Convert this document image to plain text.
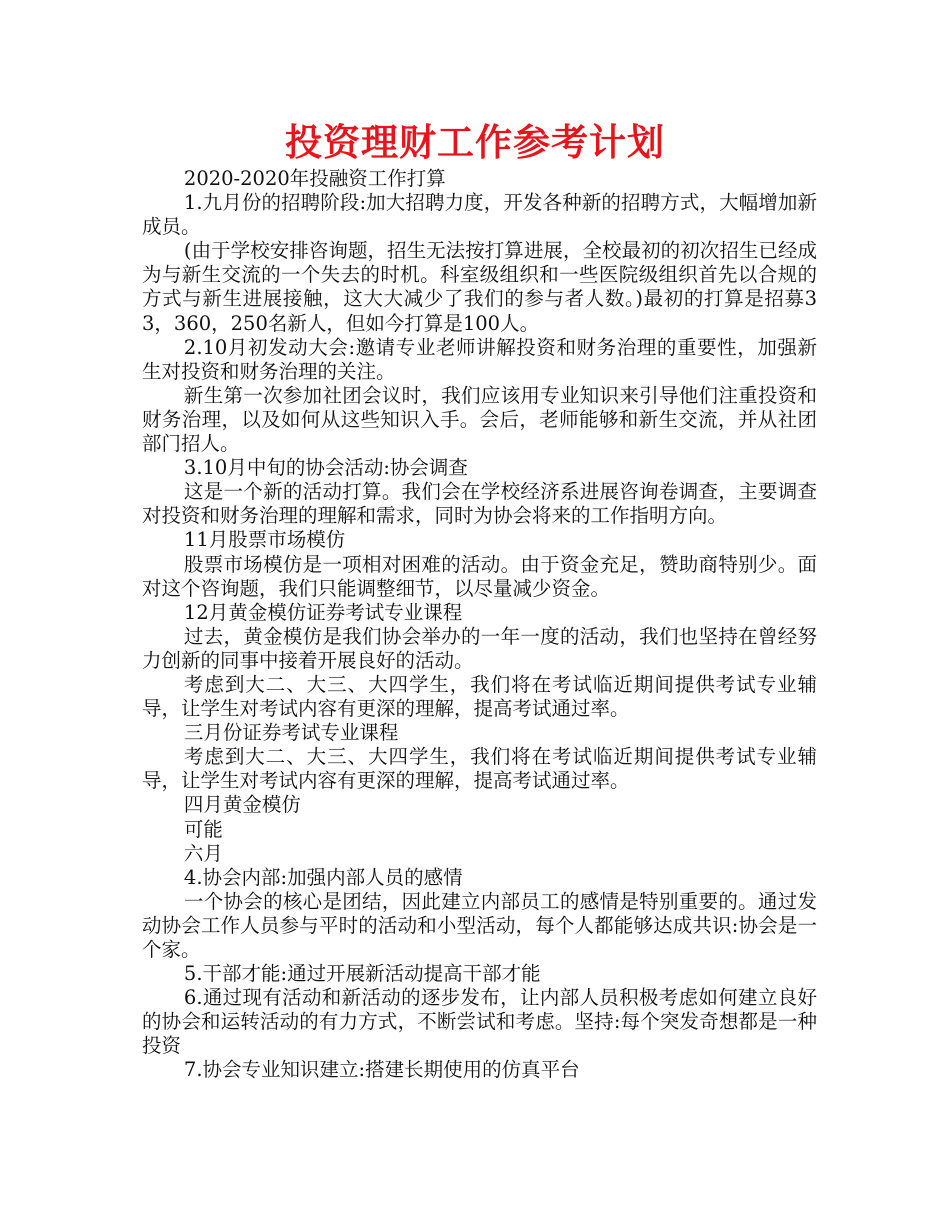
投资理财工作参考计划

2020-2020年投融资工作打算

1.九月份的招聘阶段:加大招聘力度，开发各种新的招聘方式，大幅增加新成员。

(由于学校安排咨询题，招生无法按打算进展，全校最初的初次招生已经成为与新生交流的一个失去的时机。科室级组织和一些医院级组织首先以合规的方式与新生进展接触，这大大减少了我们的参与者人数。)最初的打算是招募33，360，250名新人，但如今打算是100人。

2.10月初发动大会:邀请专业老师讲解投资和财务治理的重要性，加强新生对投资和财务治理的关注。

新生第一次参加社团会议时，我们应该用专业知识来引导他们注重投资和财务治理，以及如何从这些知识入手。会后，老师能够和新生交流，并从社团部门招人。

3.10月中旬的协会活动:协会调查

这是一个新的活动打算。我们会在学校经济系进展咨询卷调查，主要调查对投资和财务治理的理解和需求，同时为协会将来的工作指明方向。

11月股票市场模仿

股票市场模仿是一项相对困难的活动。由于资金充足，赞助商特别少。面对这个咨询题，我们只能调整细节，以尽量减少资金。

12月黄金模仿证券考试专业课程

过去，黄金模仿是我们协会举办的一年一度的活动，我们也坚持在曾经努力创新的同事中接着开展良好的活动。

考虑到大二、大三、大四学生，我们将在考试临近期间提供考试专业辅导，让学生对考试内容有更深的理解，提高考试通过率。

三月份证券考试专业课程

考虑到大二、大三、大四学生，我们将在考试临近期间提供考试专业辅导，让学生对考试内容有更深的理解，提高考试通过率。

四月黄金模仿

可能

六月

4.协会内部:加强内部人员的感情

一个协会的核心是团结，因此建立内部员工的感情是特别重要的。通过发动协会工作人员参与平时的活动和小型活动，每个人都能够达成共识:协会是一个家。

5.干部才能:通过开展新活动提高干部才能

6.通过现有活动和新活动的逐步发布，让内部人员积极考虑如何建立良好的协会和运转活动的有力方式，不断尝试和考虑。坚持:每个突发奇想都是一种投资

7.协会专业知识建立:搭建长期使用的仿真平台
